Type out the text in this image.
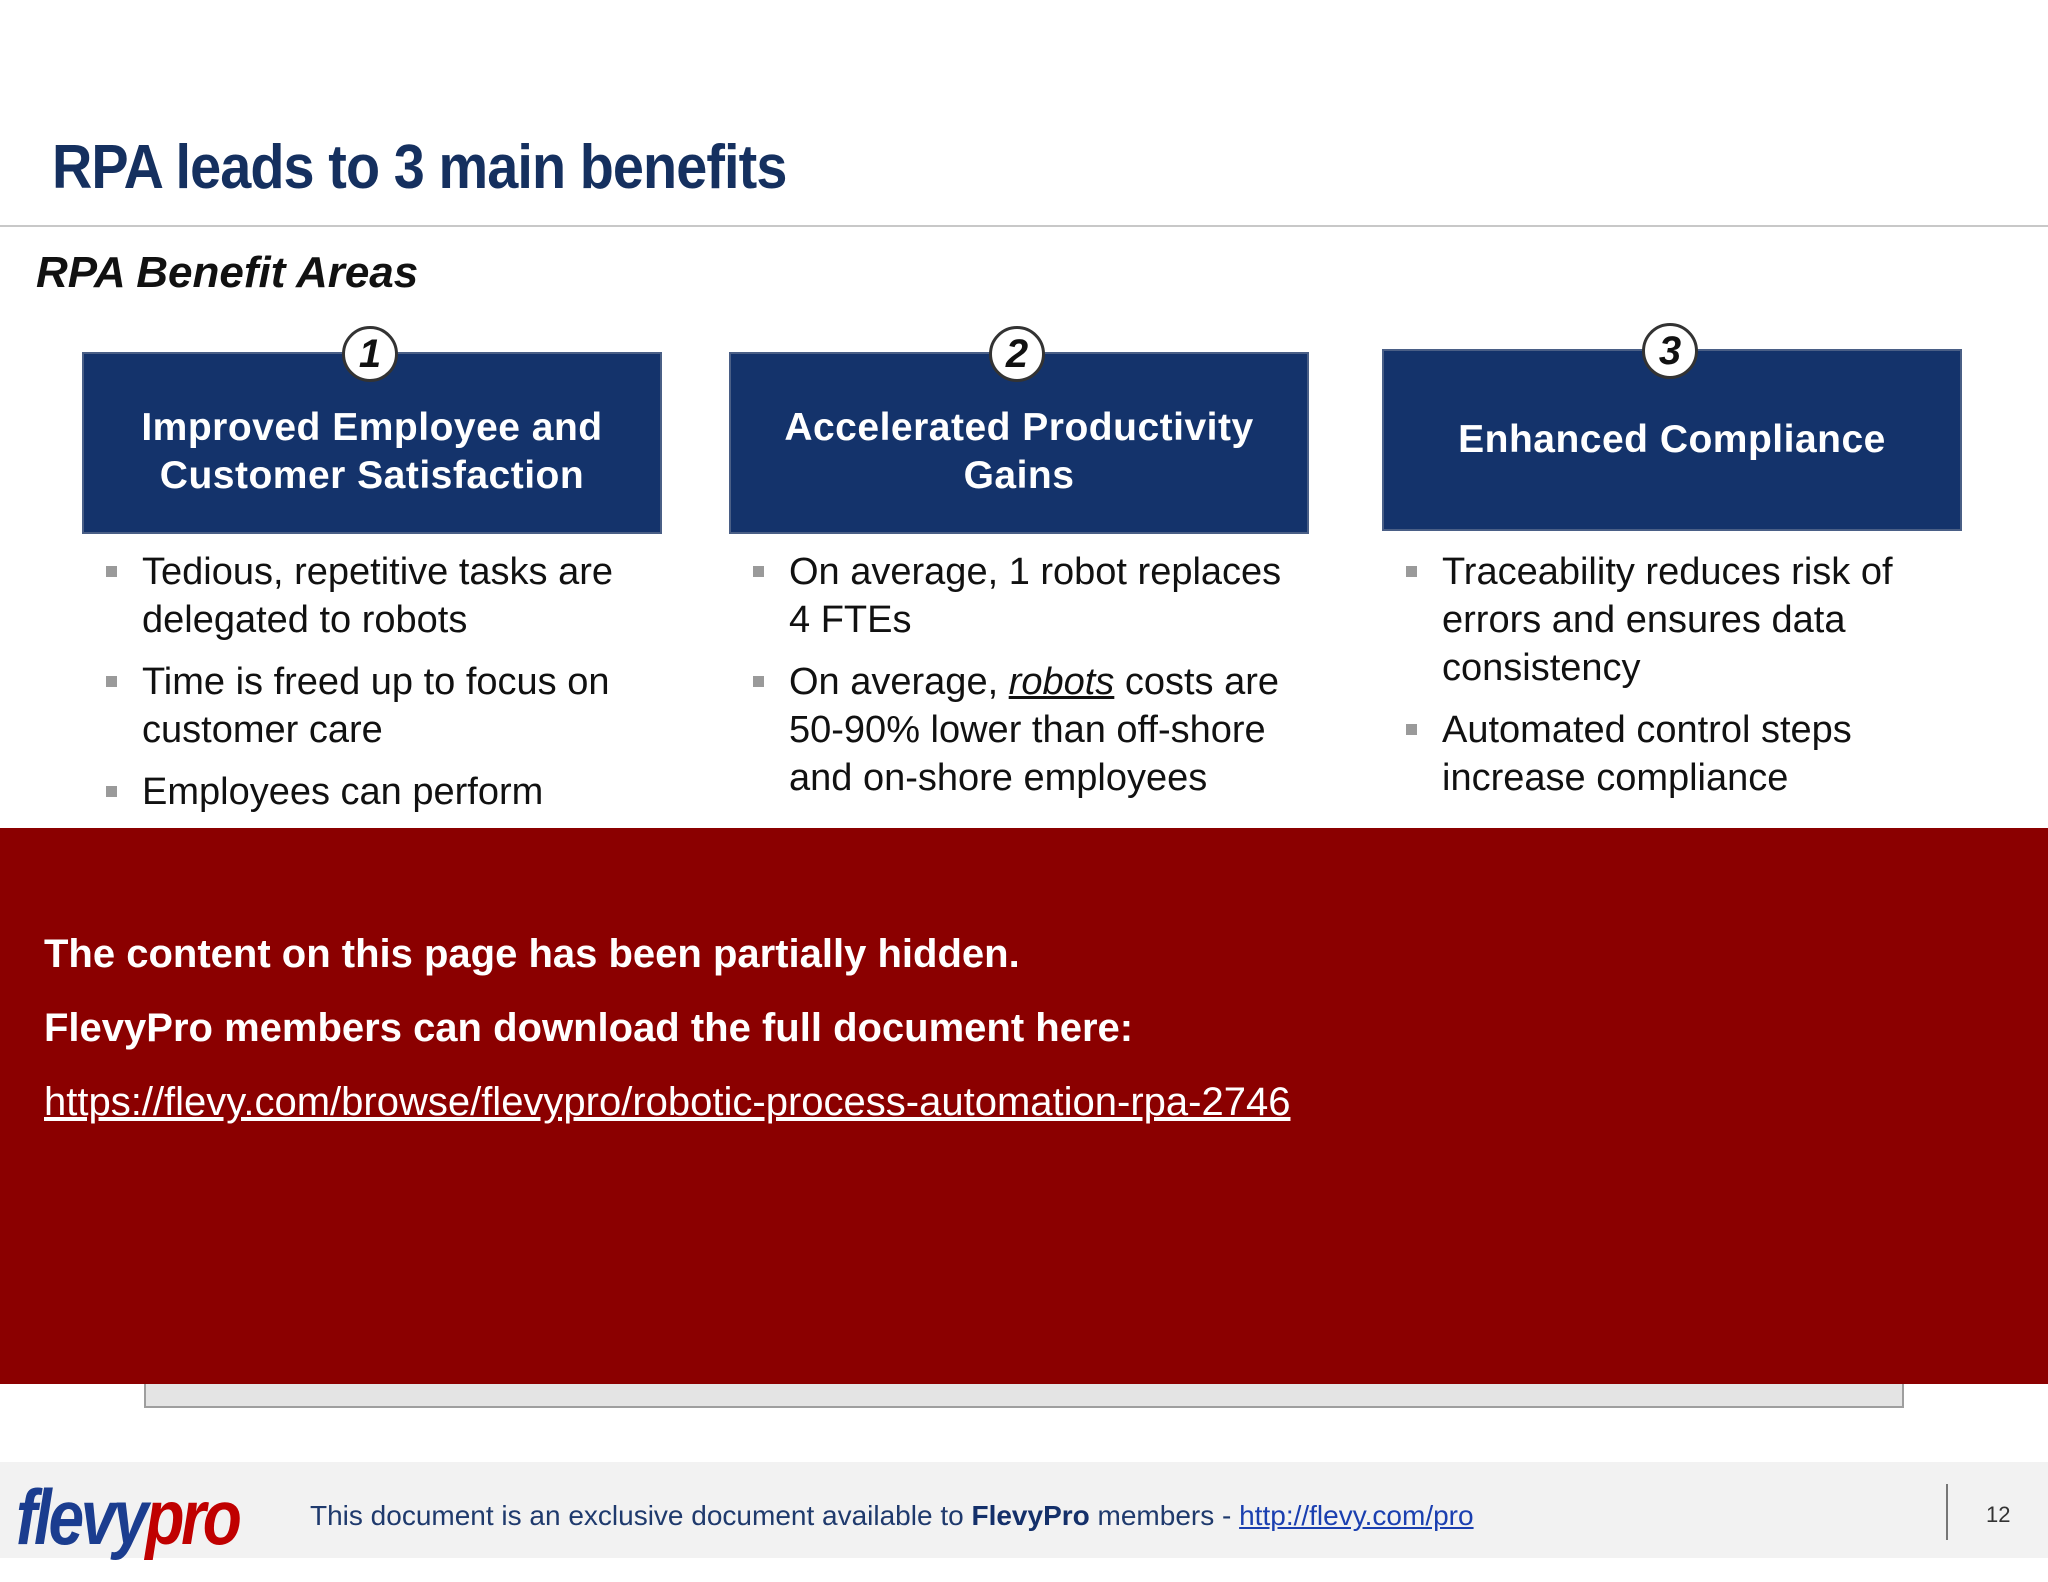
RPA leads to 3 main benefits
RPA Benefit Areas
1
Improved Employee and
Customer Satisfaction
Tedious, repetitive tasks are delegated to robots
Time is freed up to focus on customer care
Employees can perform
2
Accelerated Productivity
Gains
On average, 1 robot replaces 4 FTEs
On average, robots costs are 50-90% lower than off-shore and on-shore employees
3
Enhanced Compliance
Traceability reduces risk of errors and ensures data consistency
Automated control steps increase compliance
The content on this page has been partially hidden.
FlevyPro members can download the full document here:
https://flevy.com/browse/flevypro/robotic-process-automation-rpa-2746
flevypro	This document is an exclusive document available to FlevyPro members - http://flevy.com/pro	12
